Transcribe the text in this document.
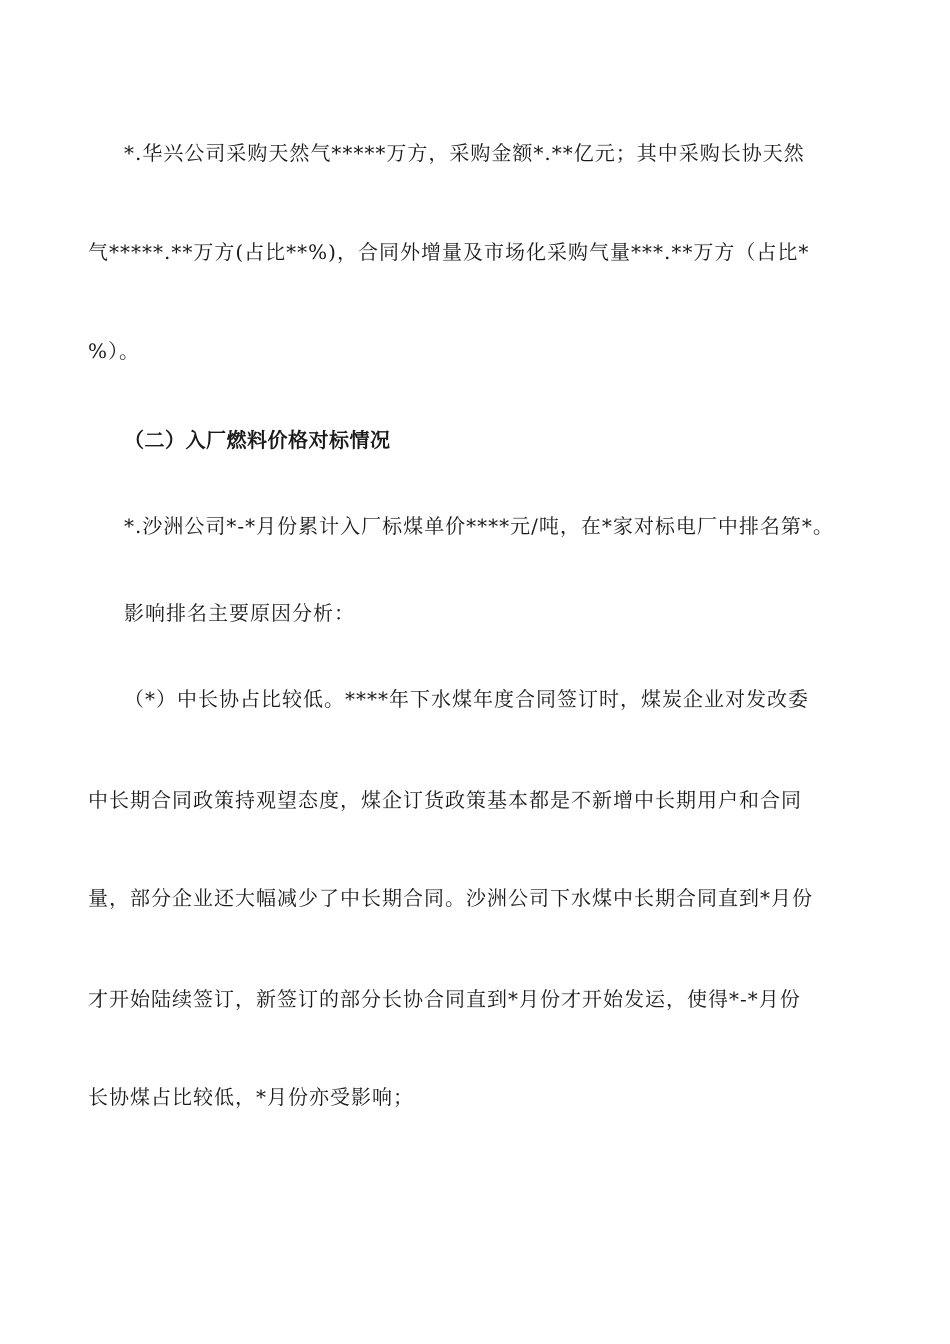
*.华兴公司采购天然气*****万方，采购金额*.**亿元；其中采购长协天然
气*****.**万方(占比**%)，合同外增量及市场化采购气量***.**万方（占比*
%）。
（二）入厂燃料价格对标情况
*.沙洲公司*-*月份累计入厂标煤单价****元/吨，在*家对标电厂中排名第*。
影响排名主要原因分析：
（*）中长协占比较低。****年下水煤年度合同签订时，煤炭企业对发改委
中长期合同政策持观望态度，煤企订货政策基本都是不新增中长期用户和合同
量，部分企业还大幅减少了中长期合同。沙洲公司下水煤中长期合同直到*月份
才开始陆续签订，新签订的部分长协合同直到*月份才开始发运，使得*-*月份
长协煤占比较低，*月份亦受影响；
